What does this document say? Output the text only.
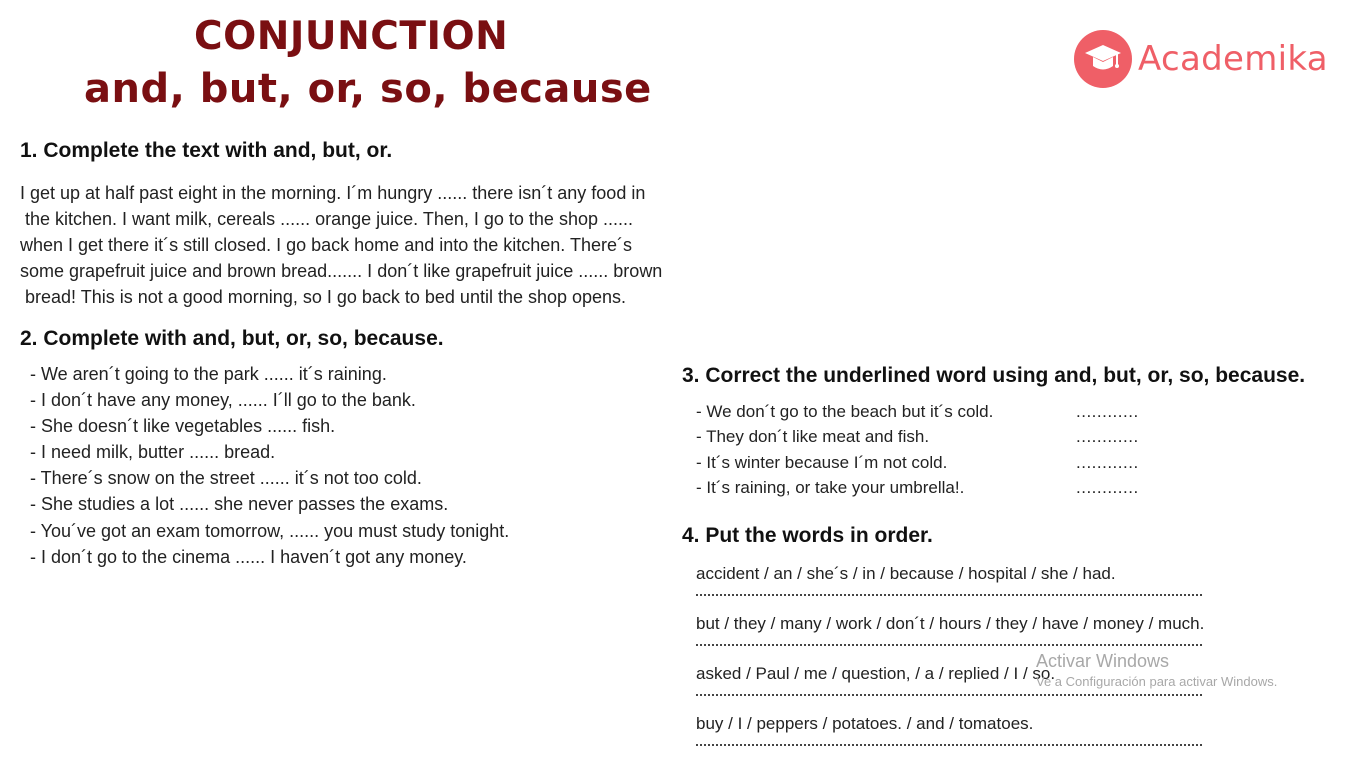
CONJUNCTION
and, but, or, so, because
Academika
1. Complete the text with and, but, or.
I get up at half past eight in the morning. I´m hungry ...... there isn´t any food in
the kitchen. I want milk, cereals ...... orange juice. Then, I go to the shop ......
when I get there it´s still closed. I go back home and into the kitchen. There´s
some grapefruit juice and brown bread....... I don´t like grapefruit juice ...... brown
bread! This is not a good morning, so I go back to bed until the shop opens.
2. Complete with and, but, or, so, because.
- We aren´t going to the park ...... it´s raining.
- I don´t have any money, ...... I´ll go to the bank.
- She doesn´t like vegetables ...... fish.
- I need milk, butter ...... bread.
- There´s snow on the street ...... it´s not too cold.
- She studies a lot ...... she never passes the exams.
- You´ve got an exam tomorrow, ...... you must study tonight.
- I don´t go to the cinema ...... I haven´t got any money.
3. Correct the underlined word using and, but, or, so, because.
- We don´t go to the beach but it´s cold.	............
- They don´t like meat and fish.	............
- It´s winter because I´m not cold.	............
- It´s raining, or take your umbrella!.	............
4. Put the words in order.
accident / an / she´s / in / because / hospital / she / had.
but / they / many / work / don´t / hours / they / have / money / much.
asked / Paul / me / question, / a / replied / I / so.
buy / I / peppers / potatoes. / and / tomatoes.
Activar Windows
Ve a Configuración para activar Windows.
